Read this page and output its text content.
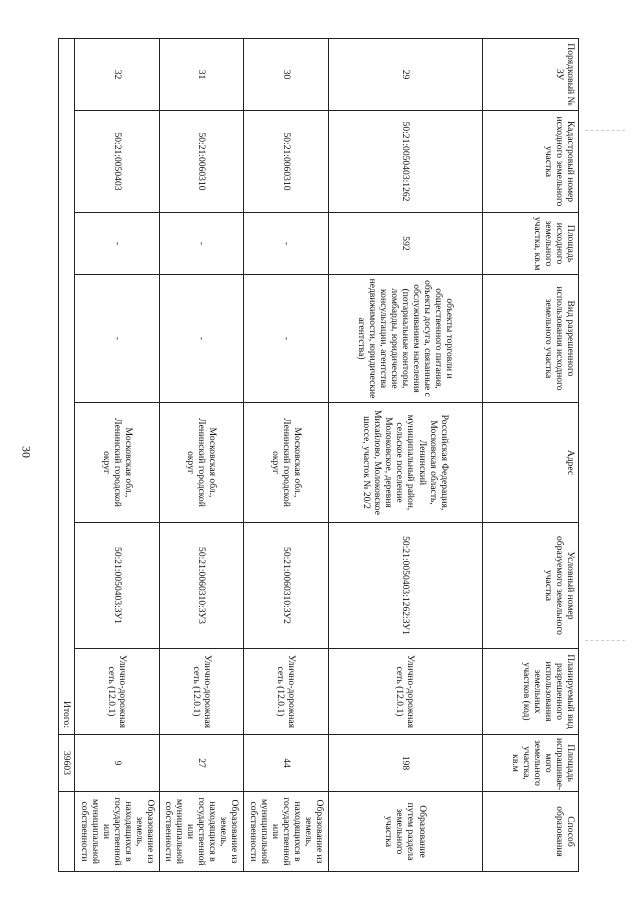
30
Порядковый № ЗУ	Кадастровый номер исходного земельного участка	Площадь исходного земельного участка, кв.м	Вид разрешенного использования исходного земельного участка	Адрес	Условный номер образуемого земельного участка	Планируемый вид разрешенного использования земельных участков (код)	Площадь испрашивае-мого земельного участка, кв.м	Способ образования
29	50:21:0050403:1262	592	объекты торговли и общественного питания, объекты досуга, связанные с обслуживанием населения (потариальные конторы, ломбарды, юридические консультации, агентства недвижимости, юридические агентства)	Российская Федерация, Московская область, Ленинский муниципальный район, сельское поселение Молоковское, деревня Михайлово, Молоковское шоссе, участок № 20/2	50:21:0050403:1262:ЗУ1	Улично-дорожная сеть (12.0.1)	198	Образование путем раздела земельного участка
30	50:21:0060310	-	-	Московская обл., Ленинский городской округ	50:21:0060310:ЗУ2	Улично-дорожная сеть (12.0.1)	44	Образование из земель, находящихся в государственной или муниципальной собственности
31	50:21:0060310	-	-	Московская обл., Ленинский городской округ	50:21:0060310:ЗУ3	Улично-дорожная сеть (12.0.1)	27	Образование из земель, находящихся в государственной или муниципальной собственности
32	50:21:0050403	-	-	Московская обл., Ленинский городской округ	50:21:0050403:ЗУ1	Улично-дорожная сеть (12.0.1)	9	Образование из земель, находящихся в государственной или муниципальной собственности
Итого:							39603	
